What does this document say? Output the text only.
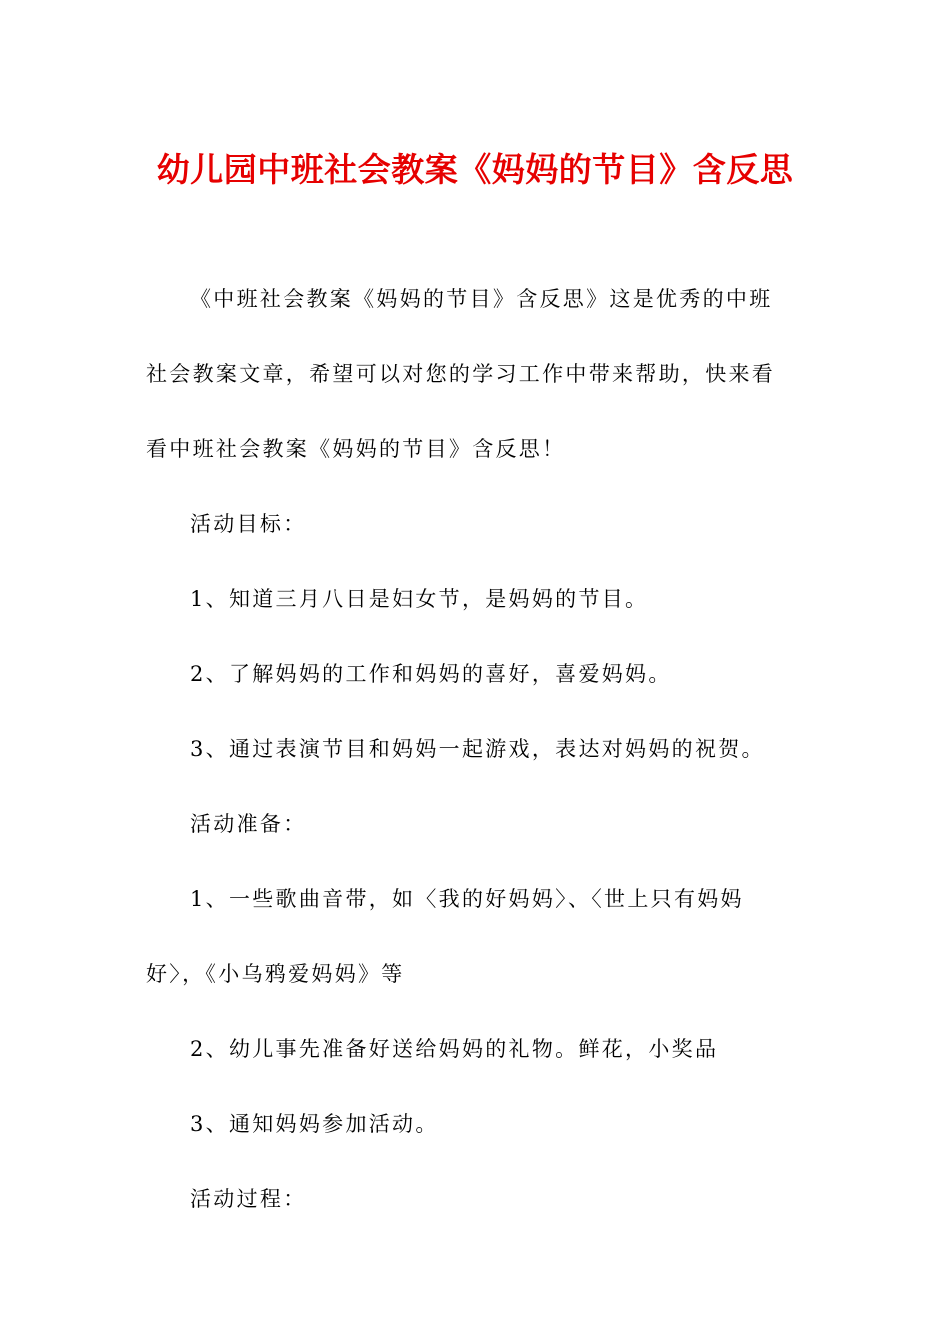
幼儿园中班社会教案《妈妈的节目》含反思

《中班社会教案《妈妈的节目》含反思》这是优秀的中班社会教案文章，希望可以对您的学习工作中带来帮助，快来看看中班社会教案《妈妈的节目》含反思！

活动目标：

1、知道三月八日是妇女节，是妈妈的节目。

2、了解妈妈的工作和妈妈的喜好，喜爱妈妈。

3、通过表演节目和妈妈一起游戏，表达对妈妈的祝贺。

活动准备：

1、一些歌曲音带，如〈我的好妈妈〉、〈世上只有妈妈好〉，《小乌鸦爱妈妈》等

2、幼儿事先准备好送给妈妈的礼物。鲜花，小奖品

3、通知妈妈参加活动。

活动过程：
